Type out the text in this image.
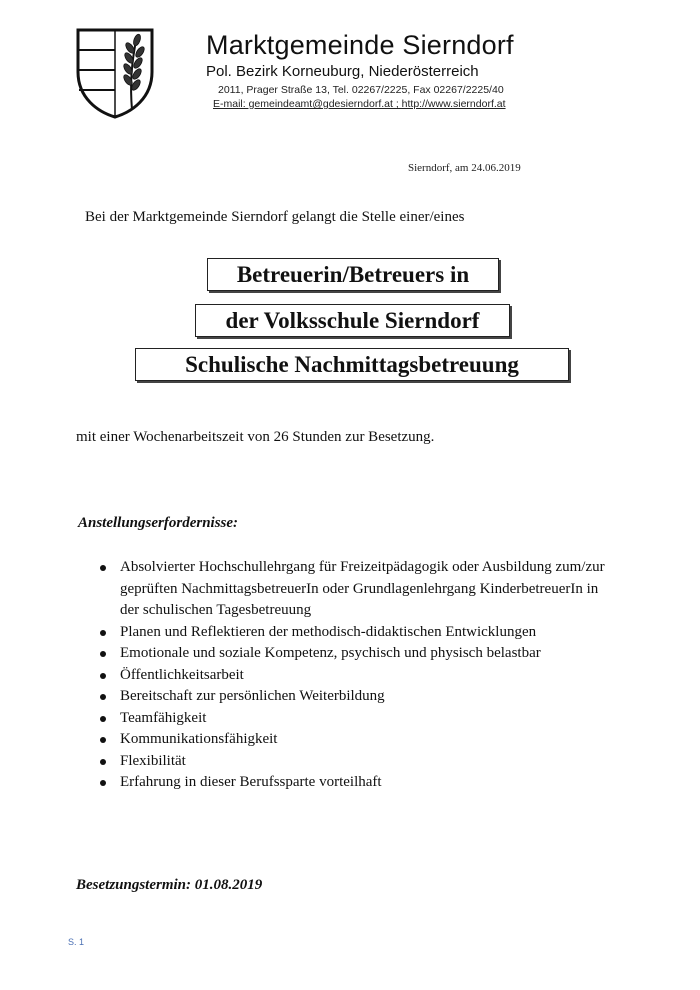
Marktgemeinde Sierndorf
Pol. Bezirk Korneuburg, Niederösterreich
2011, Prager Straße 13, Tel. 02267/2225, Fax 02267/2225/40
E-mail: gemeindeamt@gdesierndorf.at ; http://www.sierndorf.at
Sierndorf, am 24.06.2019
Bei der Marktgemeinde Sierndorf gelangt die Stelle einer/eines
Betreuerin/Betreuers in
der Volksschule Sierndorf
Schulische Nachmittagsbetreuung
mit einer Wochenarbeitszeit von 26 Stunden zur Besetzung.
Anstellungserfordernisse:
Absolvierter Hochschullehrgang für Freizeitpädagogik oder Ausbildung zum/zur geprüften NachmittagsbetreuerIn oder Grundlagenlehrgang KinderbetreuerIn in der schulischen Tagesbetreuung
Planen und Reflektieren der methodisch-didaktischen Entwicklungen
Emotionale und soziale Kompetenz, psychisch und physisch belastbar
Öffentlichkeitsarbeit
Bereitschaft zur persönlichen Weiterbildung
Teamfähigkeit
Kommunikationsfähigkeit
Flexibilität
Erfahrung in dieser Berufssparte vorteilhaft
Besetzungstermin: 01.08.2019
S. 1
